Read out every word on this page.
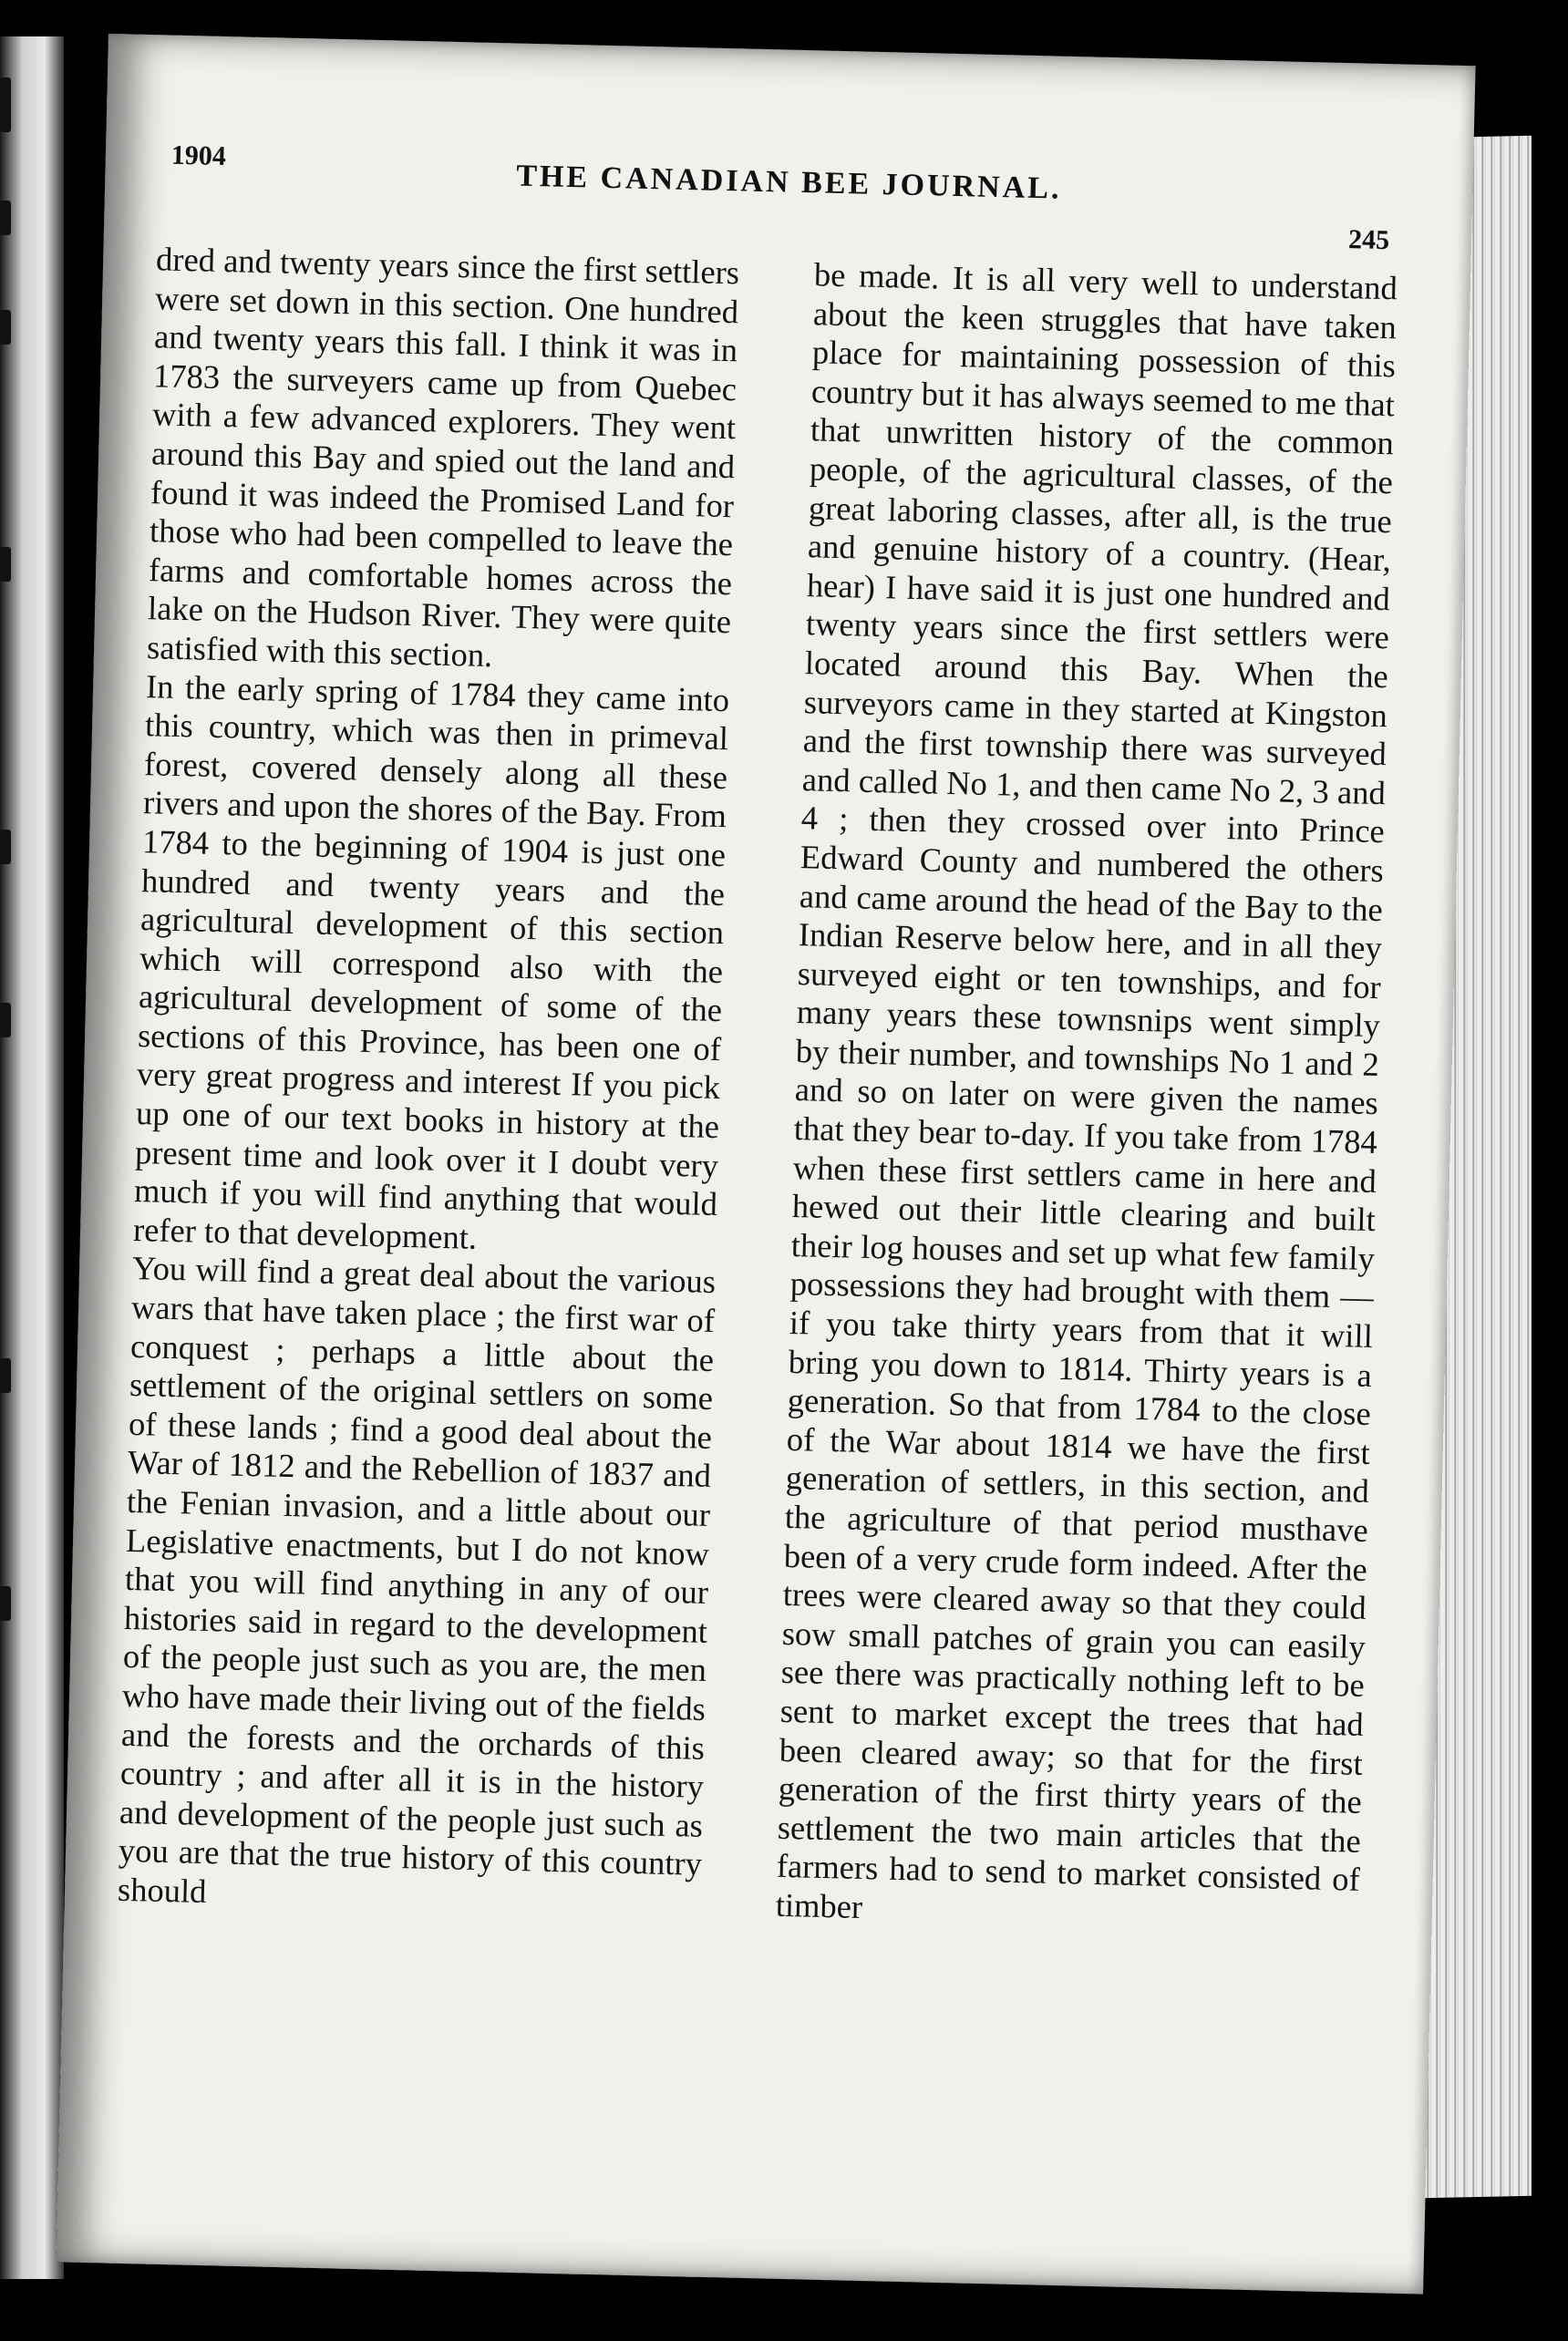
1904
THE CANADIAN BEE JOURNAL.
245

dred and twenty years since the first settlers were set down in this section. One hundred and twenty years this fall. I think it was in 1783 the surveyers came up from Quebec with a few advanced explorers. They went around this Bay and spied out the land and found it was indeed the Promised Land for those who had been compelled to leave the farms and comfortable homes across the lake on the Hudson River. They were quite satisfied with this section.

In the early spring of 1784 they came into this country, which was then in primeval forest, covered densely along all these rivers and upon the shores of the Bay. From 1784 to the beginning of 1904 is just one hundred and twenty years and the agricultural development of this section which will correspond also with the agricultural development of some of the sections of this Province, has been one of very great progress and interest If you pick up one of our text books in history at the present time and look over it I doubt very much if you will find anything that would refer to that development.

You will find a great deal about the various wars that have taken place ; the first war of conquest ; perhaps a little about the settlement of the original settlers on some of these lands ; find a good deal about the War of 1812 and the Rebellion of 1837 and the Fenian invasion, and a little about our Legislative enactments, but I do not know that you will find anything in any of our histories said in regard to the development of the people just such as you are, the men who have made their living out of the fields and the forests and the orchards of this country ; and after all it is in the history and development of the people just such as you are that the true history of this country should

be made. It is all very well to understand about the keen struggles that have taken place for maintaining possession of this country but it has always seemed to me that that unwritten history of the common people, of the agricultural classes, of the great laboring classes, after all, is the true and genuine history of a country. (Hear, hear) I have said it is just one hundred and twenty years since the first settlers were located around this Bay. When the surveyors came in they started at Kingston and the first township there was surveyed and called No 1, and then came No 2, 3 and 4 ; then they crossed over into Prince Edward County and numbered the others and came around the head of the Bay to the Indian Reserve below here, and in all they surveyed eight or ten townships, and for many years these townsnips went simply by their number, and townships No 1 and 2 and so on later on were given the names that they bear to-day. If you take from 1784 when these first settlers came in here and hewed out their little clearing and built their log houses and set up what few family possessions they had brought with them — if you take thirty years from that it will bring you down to 1814. Thirty years is a generation. So that from 1784 to the close of the War about 1814 we have the first generation of settlers, in this section, and the agriculture of that period musthave been of a very crude form indeed. After the trees were cleared away so that they could sow small patches of grain you can easily see there was practically nothing left to be sent to market except the trees that had been cleared away; so that for the first generation of the first thirty years of the settlement the two main articles that the farmers had to send to market consisted of timber
